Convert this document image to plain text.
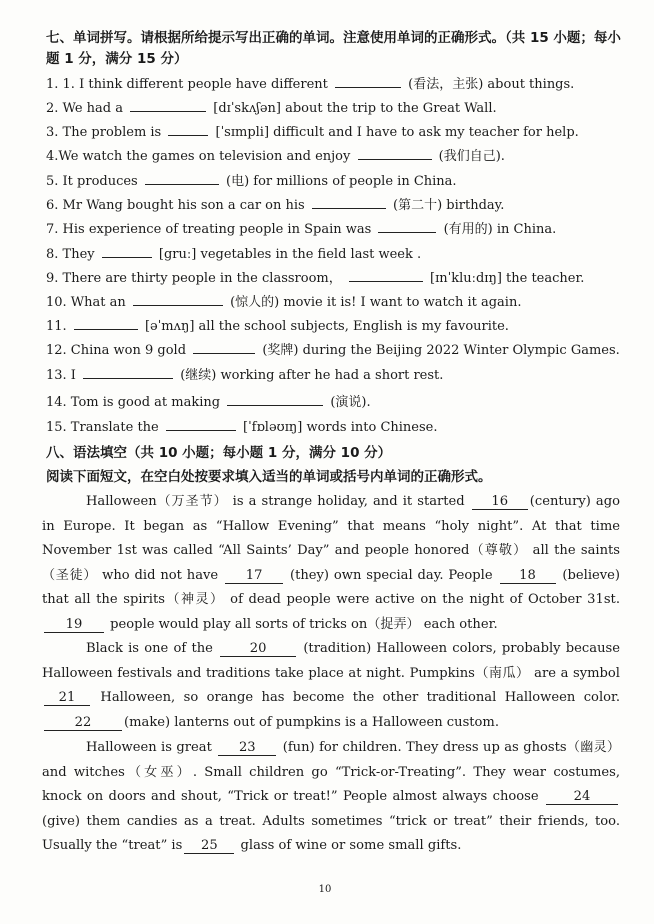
七、单词拼写。请根据所给提示写出正确的单词。注意使用单词的正确形式。（共 15 小题；每小题 1 分，满分 15 分）
1. 1. I think different people have different	(看法，主张) about things.
2. We had a	[dɪˈskʌʃən] about the trip to the Great Wall.
3. The problem is	[ˈsɪmpli] difficult and I have to ask my teacher for help.
4.We watch the games on television and enjoy	(我们自己).
5. It produces	(电) for millions of people in China.
6. Mr Wang bought his son a car on his	(第二十) birthday.
7. His experience of treating people in Spain was	(有用的) in China.
8. They	[gruː] vegetables in the field last week .
9. There are thirty people in the classroom，	[ɪnˈkluːdɪŋ] the teacher.
10. What an	(惊人的) movie it is! I want to watch it again.
11.	[əˈmʌŋ] all the school subjects, English is my favourite.
12. China won 9 gold	(奖牌) during the Beijing 2022 Winter Olympic Games.
13. I	(继续) working after he had a short rest.
14. Tom is good at making	(演说).
15. Translate the	[ˈfɒləʊɪŋ] words into Chinese.
八、语法填空（共 10 小题；每小题 1 分，满分 10 分）
阅读下面短文，在空白处按要求填入适当的单词或括号内单词的正确形式。
Halloween（万圣节） is a strange holiday, and it started 16 (century) ago in Europe. It began as “Hallow Evening” that means “holy night”. At that time November 1st was called “All Saints’ Day” and people honored（尊敬） all the saints（圣徒） who did not have 17 (they) own special day. People 18 (believe) that all the spirits（神灵） of dead people were active on the night of October 31st. 19 people would play all sorts of tricks on（捉弄） each other.
Black is one of the	20	(tradition) Halloween colors, probably because Halloween festivals and traditions take place at night. Pumpkins（南瓜） are a symbol 21 Halloween, so orange has become the other traditional Halloween color. 22 (make) lanterns out of pumpkins is a Halloween custom.
Halloween is great 23 (fun) for children. They dress up as ghosts（幽灵） and witches（女巫）. Small children go “Trick-or-Treating”. They wear costumes, knock on doors and shout, “Trick or treat!” People almost always choose	24 (give) them candies as a treat. Adults sometimes “trick or treat” their friends, too. Usually the “treat” is 25 glass of wine or some small gifts.
10
